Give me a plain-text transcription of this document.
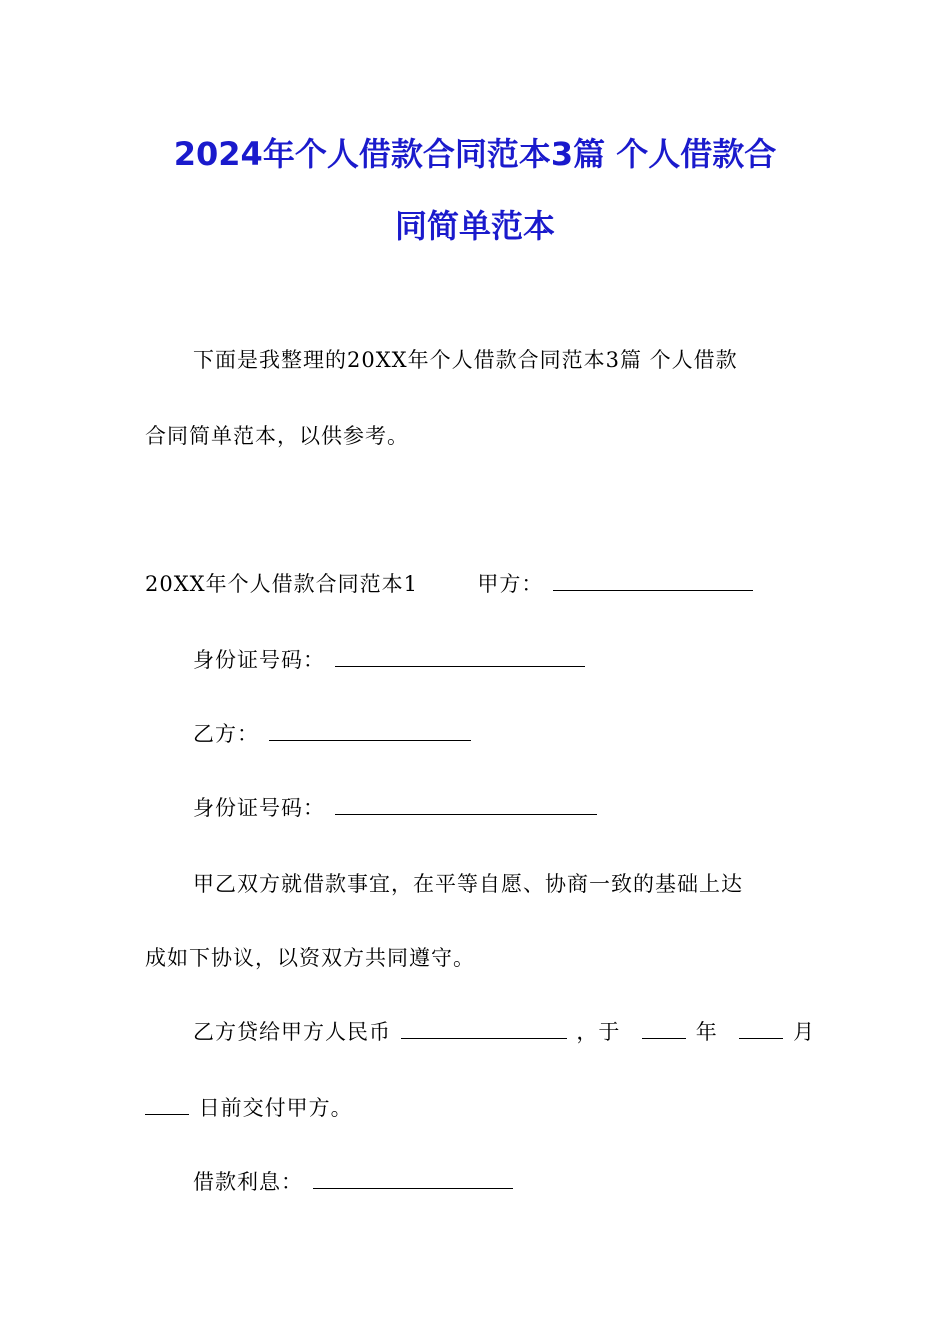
2024年个人借款合同范本3篇 个人借款合
同简单范本
下面是我整理的20XX年个人借款合同范本3篇 个人借款
合同简单范本，以供参考。
20XX年个人借款合同范本1	甲方：
身份证号码：
乙方：
身份证号码：
甲乙双方就借款事宜，在平等自愿、协商一致的基础上达
成如下协议，以资双方共同遵守。
乙方贷给甲方人民币	，于	年	月
日前交付甲方。
借款利息：
